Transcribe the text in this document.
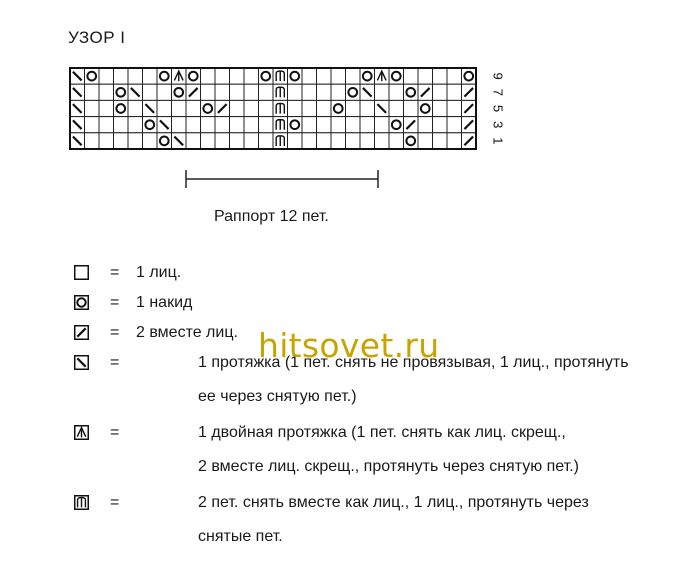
УЗОР I
9
7
5
3
1
Раппорт 12 пет.
= 1 лиц.
= 1 накид
= 2 вместе лиц.
=	1 протяжка (1 пет. снять не провязывая, 1 лиц., протянуть
ее через снятую пет.)
=	1 двойная протяжка (1 пет. снять как лиц. скрещ.,
2 вместе лиц. скрещ., протянуть через снятую пет.)
=	2 пет. снять вместе как лиц., 1 лиц., протянуть через
снятые пет.
hitsovet.ru
